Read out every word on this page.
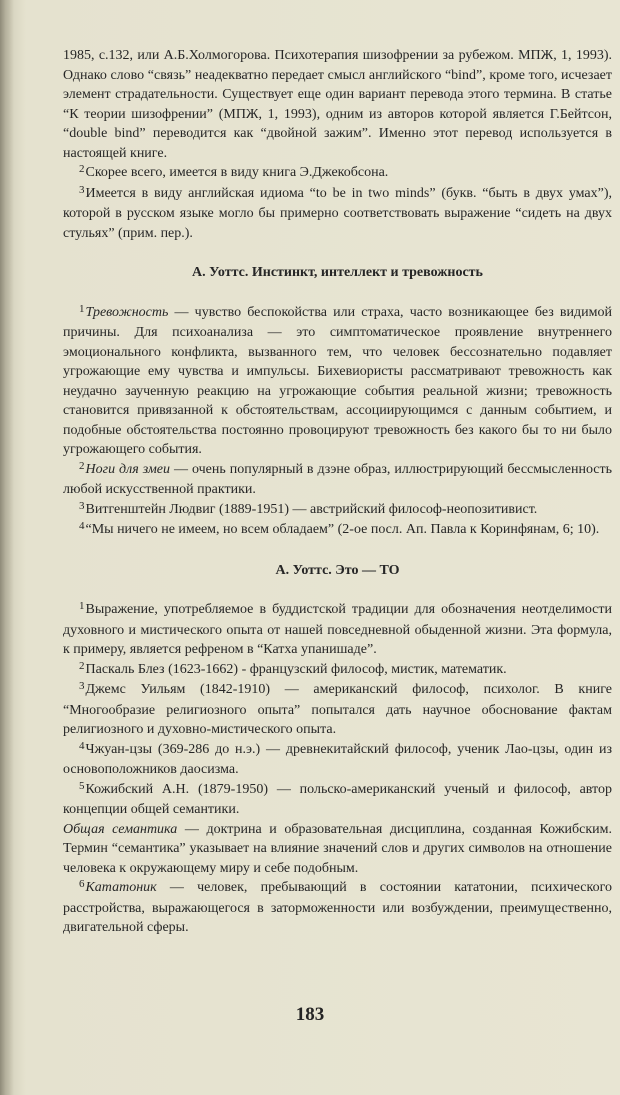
1985, с.132, или А.Б.Холмогорова. Психотерапия шизофрении за рубежом. МПЖ, 1, 1993). Однако слово “связь” неадекватно передает смысл английского “bind”, кроме того, исчезает элемент страдательности. Существует еще один вариант перевода этого термина. В статье “К теории шизофрении” (МПЖ, 1, 1993), одним из авторов которой является Г.Бейтсон, “double bind” переводится как “двойной зажим”. Именно этот перевод используется в настоящей книге.

$^2$Скорее всего, имеется в виду книга Э.Джекобсона.

$^3$Имеется в виду английская идиома “to be in two minds” (букв. “быть в двух умах”), которой в русском языке могло бы примерно соответствовать выражение “сидеть на двух стульях” (прим. пер.).

А. Уоттс. Инстинкт, интеллект и тревожность

$^1$Тревожность — чувство беспокойства или страха, часто возникающее без видимой причины. Для психоанализа — это симптоматическое проявление внутреннего эмоционального конфликта, вызванного тем, что человек бессознательно подавляет угрожающие ему чувства и импульсы. Бихевиористы рассматривают тревожность как неудачно заученную реакцию на угрожающие события реальной жизни; тревожность становится привязанной к обстоятельствам, ассоциирующимся с данным событием, и подобные обстоятельства постоянно провоцируют тревожность без какого бы то ни было угрожающего события.

$^2$Ноги для змеи — очень популярный в дзэне образ, иллюстрирующий бессмысленность любой искусственной практики.

$^3$Витгенштейн Людвиг (1889-1951) — австрийский философ-неопозитивист.

$^4$“Мы ничего не имеем, но всем обладаем” (2-ое посл. Ап. Павла к Коринфянам, 6; 10).

А. Уоттс. Это — ТО

$^1$Выражение, употребляемое в буддистской традиции для обозначения неотделимости духовного и мистического опыта от нашей повседневной обыденной жизни. Эта формула, к примеру, является рефреном в “Катха упанишаде”.

$^2$Паскаль Блез (1623-1662) - французский философ, мистик, математик.

$^3$Джемс Уильям (1842-1910) — американский философ, психолог. В книге “Многообразие религиозного опыта” попытался дать научное обоснование фактам религиозного и духовно-мистического опыта.

$^4$Чжуан-цзы (369-286 до н.э.) — древнекитайский философ, ученик Лао-цзы, один из основоположников даосизма.

$^5$Кожибский А.Н. (1879-1950) — польско-американский ученый и философ, автор концепции общей семантики.

Общая семантика — доктрина и образовательная дисциплина, созданная Кожибским. Термин “семантика” указывает на влияние значений слов и других символов на отношение человека к окружающему миру и себе подобным.

$^6$Кататоник — человек, пребывающий в состоянии кататонии, психического расстройства, выражающегося в заторможенности или возбуждении, преимущественно, двигательной сферы.

183
